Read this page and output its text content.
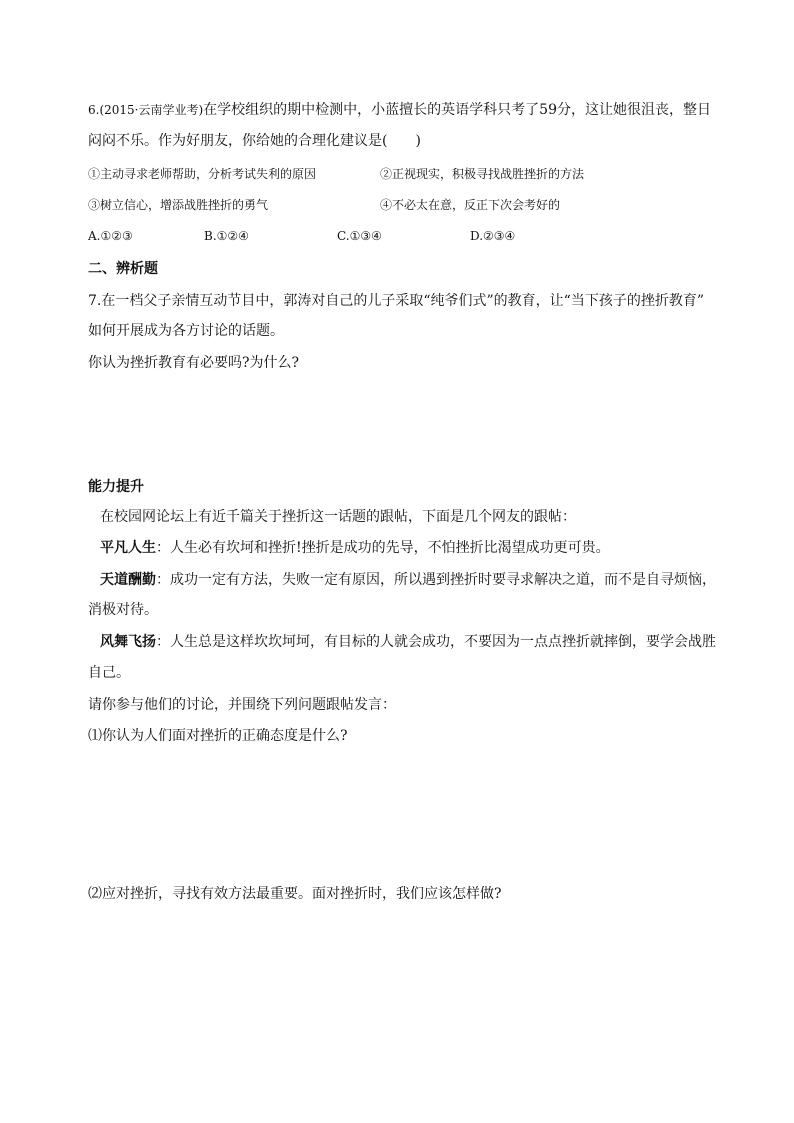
6.(2015·云南学业考)在学校组织的期中检测中，小蓝擅长的英语学科只考了59分，这让她很沮丧，整日
闷闷不乐。作为好朋友，你给她的合理化建议是(　　)
①主动寻求老师帮助，分析考试失利的原因	②正视现实，积极寻找战胜挫折的方法
③树立信心，增添战胜挫折的勇气	④不必太在意，反正下次会考好的
A.①②③	B.①②④	C.①③④	D.②③④
二、辨析题
7.在一档父子亲情互动节目中，郭涛对自己的儿子采取“纯爷们式”的教育，让“当下孩子的挫折教育”
如何开展成为各方讨论的话题。
你认为挫折教育有必要吗?为什么?
能力提升
在校园网论坛上有近千篇关于挫折这一话题的跟帖，下面是几个网友的跟帖：
平凡人生：人生必有坎坷和挫折!挫折是成功的先导，不怕挫折比渴望成功更可贵。
天道酬勤：成功一定有方法，失败一定有原因，所以遇到挫折时要寻求解决之道，而不是自寻烦恼，
消极对待。
风舞飞扬：人生总是这样坎坎坷坷，有目标的人就会成功，不要因为一点点挫折就摔倒，要学会战胜
自己。
请你参与他们的讨论，并围绕下列问题跟帖发言：
⑴你认为人们面对挫折的正确态度是什么?
⑵应对挫折，寻找有效方法最重要。面对挫折时，我们应该怎样做?
